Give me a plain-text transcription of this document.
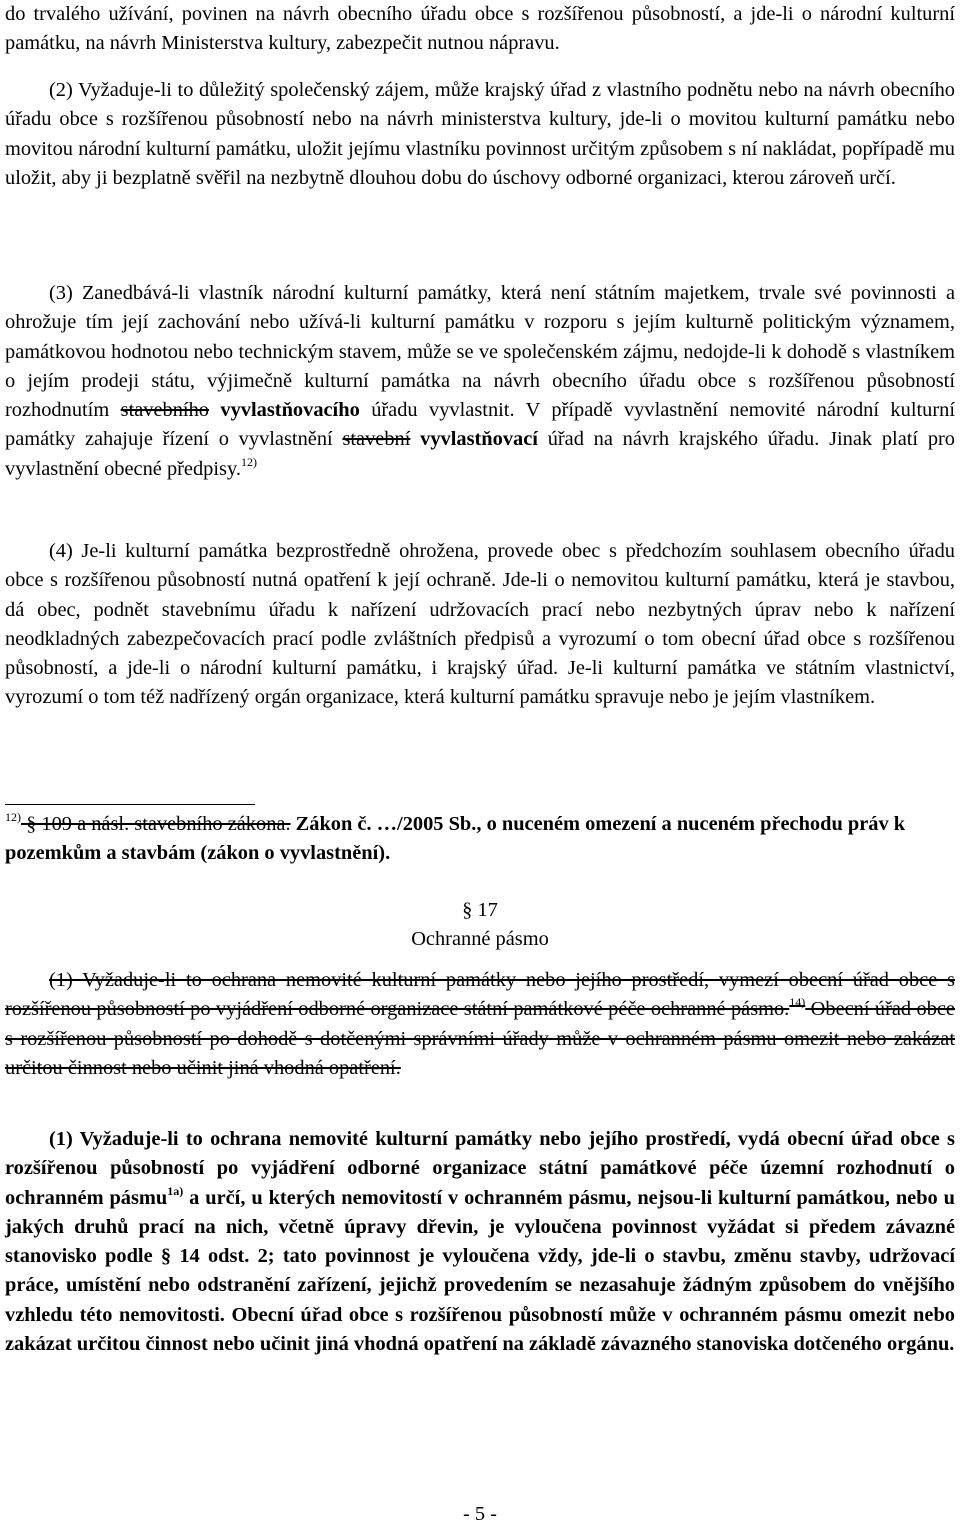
do trvalého užívání, povinen na návrh obecního úřadu obce s rozšířenou působností, a jde-li o národní kulturní památku, na návrh Ministerstva kultury, zabezpečit nutnou nápravu.

(2) Vyžaduje-li to důležitý společenský zájem, může krajský úřad z vlastního podnětu nebo na návrh obecního úřadu obce s rozšířenou působností nebo na návrh ministerstva kultury, jde-li o movitou kulturní památku nebo movitou národní kulturní památku, uložit jejímu vlastníku povinnost určitým způsobem s ní nakládat, popřípadě mu uložit, aby ji bezplatně svěřil na nezbytně dlouhou dobu do úschovy odborné organizaci, kterou zároveň určí.

(3) Zanedbává-li vlastník národní kulturní památky, která není státním majetkem, trvale své povinnosti a ohrožuje tím její zachování nebo užívá-li kulturní památku v rozporu s jejím kulturně politickým významem, památkovou hodnotou nebo technickým stavem, může se ve společenském zájmu, nedojde-li k dohodě s vlastníkem o jejím prodeji státu, výjimečně kulturní památka na návrh obecního úřadu obce s rozšířenou působností rozhodnutím stavebního vyvlastňovacího úřadu vyvlastnit. V případě vyvlastnění nemovité národní kulturní památky zahajuje řízení o vyvlastnění stavební vyvlastňovací úřad na návrh krajského úřadu. Jinak platí pro vyvlastnění obecné předpisy.$^{12)}$

(4) Je-li kulturní památka bezprostředně ohrožena, provede obec s předchozím souhlasem obecního úřadu obce s rozšířenou působností nutná opatření k její ochraně. Jde-li o nemovitou kulturní památku, která je stavbou, dá obec, podnět stavebnímu úřadu k nařízení udržovacích prací nebo nezbytných úprav nebo k nařízení neodkladných zabezpečovacích prací podle zvláštních předpisů a vyrozumí o tom obecní úřad obce s rozšířenou působností, a jde-li o národní kulturní památku, i krajský úřad. Je-li kulturní památka ve státním vlastnictví, vyrozumí o tom též nadřízený orgán organizace, která kulturní památku spravuje nebo je jejím vlastníkem.

$^{12)}$ § 109 a násl. stavebního zákona. Zákon č. …/2005 Sb., o nuceném omezení a nuceném přechodu práv k pozemkům a stavbám (zákon o vyvlastnění).

§ 17

Ochranné pásmo

(1) Vyžaduje-li to ochrana nemovité kulturní památky nebo jejího prostředí, vymezí obecní úřad obce s rozšířenou působností po vyjádření odborné organizace státní památkové péče ochranné pásmo.$^{14)}$ Obecní úřad obce s rozšířenou působností po dohodě s dotčenými správními úřady může v ochranném pásmu omezit nebo zakázat určitou činnost nebo učinit jiná vhodná opatření.

(1) Vyžaduje-li to ochrana nemovité kulturní památky nebo jejího prostředí, vydá obecní úřad obce s rozšířenou působností po vyjádření odborné organizace státní památkové péče územní rozhodnutí o ochranném pásmu$^{1a)}$ a určí, u kterých nemovitostí v ochranném pásmu, nejsou-li kulturní památkou, nebo u jakých druhů prací na nich, včetně úpravy dřevin, je vyloučena povinnost vyžádat si předem závazné stanovisko podle § 14 odst. 2; tato povinnost je vyloučena vždy, jde-li o stavbu, změnu stavby, udržovací práce, umístění nebo odstranění zařízení, jejichž provedením se nezasahuje žádným způsobem do vnějšího vzhledu této nemovitosti. Obecní úřad obce s rozšířenou působností může v ochranném pásmu omezit nebo zakázat určitou činnost nebo učinit jiná vhodná opatření na základě závazného stanoviska dotčeného orgánu.

- 5 -
